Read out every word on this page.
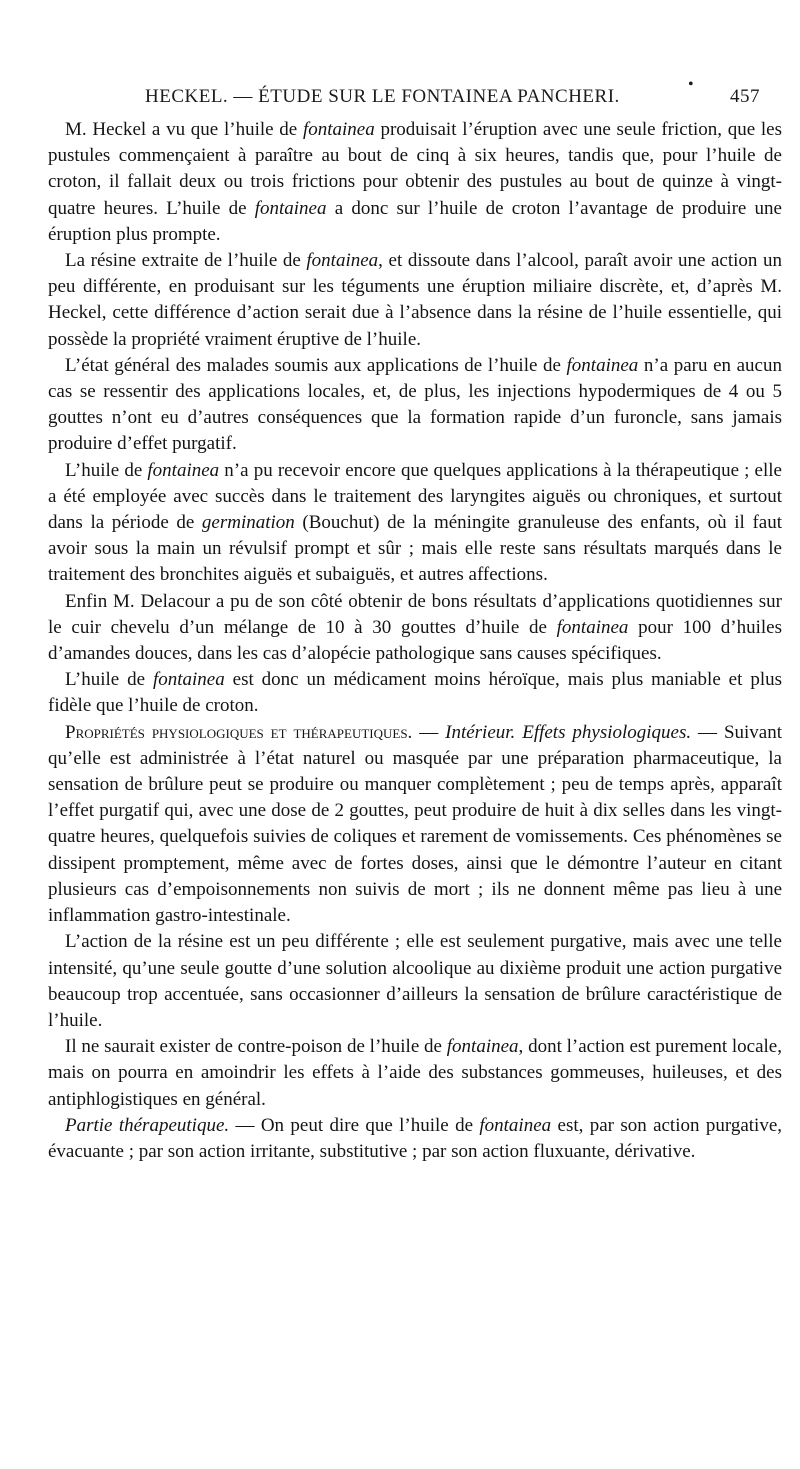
HECKEL. — ÉTUDE SUR LE FONTAINEA PANCHERI.
•
457

M. Heckel a vu que l’huile de fontainea produisait l’éruption avec une seule friction, que les pustules commençaient à paraître au bout de cinq à six heures, tandis que, pour l’huile de croton, il fallait deux ou trois frictions pour obtenir des pustules au bout de quinze à vingt-quatre heures. L’huile de fontainea a donc sur l’huile de croton l’avantage de produire une éruption plus prompte.

La résine extraite de l’huile de fontainea, et dissoute dans l’alcool, paraît avoir une action un peu différente, en produisant sur les téguments une éruption miliaire discrète, et, d’après M. Heckel, cette différence d’action serait due à l’absence dans la résine de l’huile essentielle, qui possède la propriété vraiment éruptive de l’huile.

L’état général des malades soumis aux applications de l’huile de fontainea n’a paru en aucun cas se ressentir des applications locales, et, de plus, les injections hypodermiques de 4 ou 5 gouttes n’ont eu d’autres conséquences que la formation rapide d’un furoncle, sans jamais produire d’effet purgatif.

L’huile de fontainea n’a pu recevoir encore que quelques applications à la thérapeutique ; elle a été employée avec succès dans le traitement des laryngites aiguës ou chroniques, et surtout dans la période de germination (Bouchut) de la méningite granuleuse des enfants, où il faut avoir sous la main un révulsif prompt et sûr ; mais elle reste sans résultats marqués dans le traitement des bronchites aiguës et subaiguës, et autres affections.

Enfin M. Delacour a pu de son côté obtenir de bons résultats d’applications quotidiennes sur le cuir chevelu d’un mélange de 10 à 30 gouttes d’huile de fontainea pour 100 d’huiles d’amandes douces, dans les cas d’alopécie pathologique sans causes spécifiques.

L’huile de fontainea est donc un médicament moins héroïque, mais plus maniable et plus fidèle que l’huile de croton.

Propriétés physiologiques et thérapeutiques. — Intérieur. Effets physiologiques. — Suivant qu’elle est administrée à l’état naturel ou masquée par une préparation pharmaceutique, la sensation de brûlure peut se produire ou manquer complètement ; peu de temps après, apparaît l’effet purgatif qui, avec une dose de 2 gouttes, peut produire de huit à dix selles dans les vingt-quatre heures, quelquefois suivies de coliques et rarement de vomissements. Ces phénomènes se dissipent promptement, même avec de fortes doses, ainsi que le démontre l’auteur en citant plusieurs cas d’empoisonnements non suivis de mort ; ils ne donnent même pas lieu à une inflammation gastro-intestinale.

L’action de la résine est un peu différente ; elle est seulement purgative, mais avec une telle intensité, qu’une seule goutte d’une solution alcoolique au dixième produit une action purgative beaucoup trop accentuée, sans occasionner d’ailleurs la sensation de brûlure caractéristique de l’huile.

Il ne saurait exister de contre-poison de l’huile de fontainea, dont l’action est purement locale, mais on pourra en amoindrir les effets à l’aide des substances gommeuses, huileuses, et des antiphlogistiques en général.

Partie thérapeutique. — On peut dire que l’huile de fontainea est, par son action purgative, évacuante ; par son action irritante, substitutive ; par son action fluxuante, dérivative.
